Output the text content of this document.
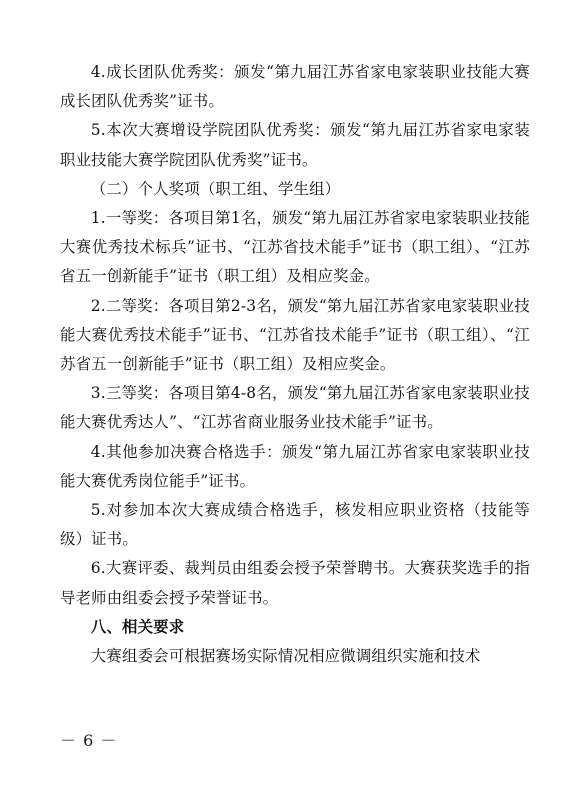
4.成长团队优秀奖：颁发“第九届江苏省家电家装职业技能大赛成长团队优秀奖”证书。

5.本次大赛增设学院团队优秀奖：颁发“第九届江苏省家电家装职业技能大赛学院团队优秀奖”证书。

（二）个人奖项（职工组、学生组）

1.一等奖：各项目第1名，颁发“第九届江苏省家电家装职业技能大赛优秀技术标兵”证书、“江苏省技术能手”证书（职工组）、“江苏省五一创新能手”证书（职工组）及相应奖金。

2.二等奖：各项目第2-3名，颁发“第九届江苏省家电家装职业技能大赛优秀技术能手”证书、“江苏省技术能手”证书（职工组）、“江苏省五一创新能手”证书（职工组）及相应奖金。

3.三等奖：各项目第4-8名，颁发“第九届江苏省家电家装职业技能大赛优秀达人”、“江苏省商业服务业技术能手”证书。

4.其他参加决赛合格选手：颁发“第九届江苏省家电家装职业技能大赛优秀岗位能手”证书。

5.对参加本次大赛成绩合格选手，核发相应职业资格（技能等级）证书。

6.大赛评委、裁判员由组委会授予荣誉聘书。大赛获奖选手的指导老师由组委会授予荣誉证书。

八、相关要求

大赛组委会可根据赛场实际情况相应微调组织实施和技术

－ 6 －
